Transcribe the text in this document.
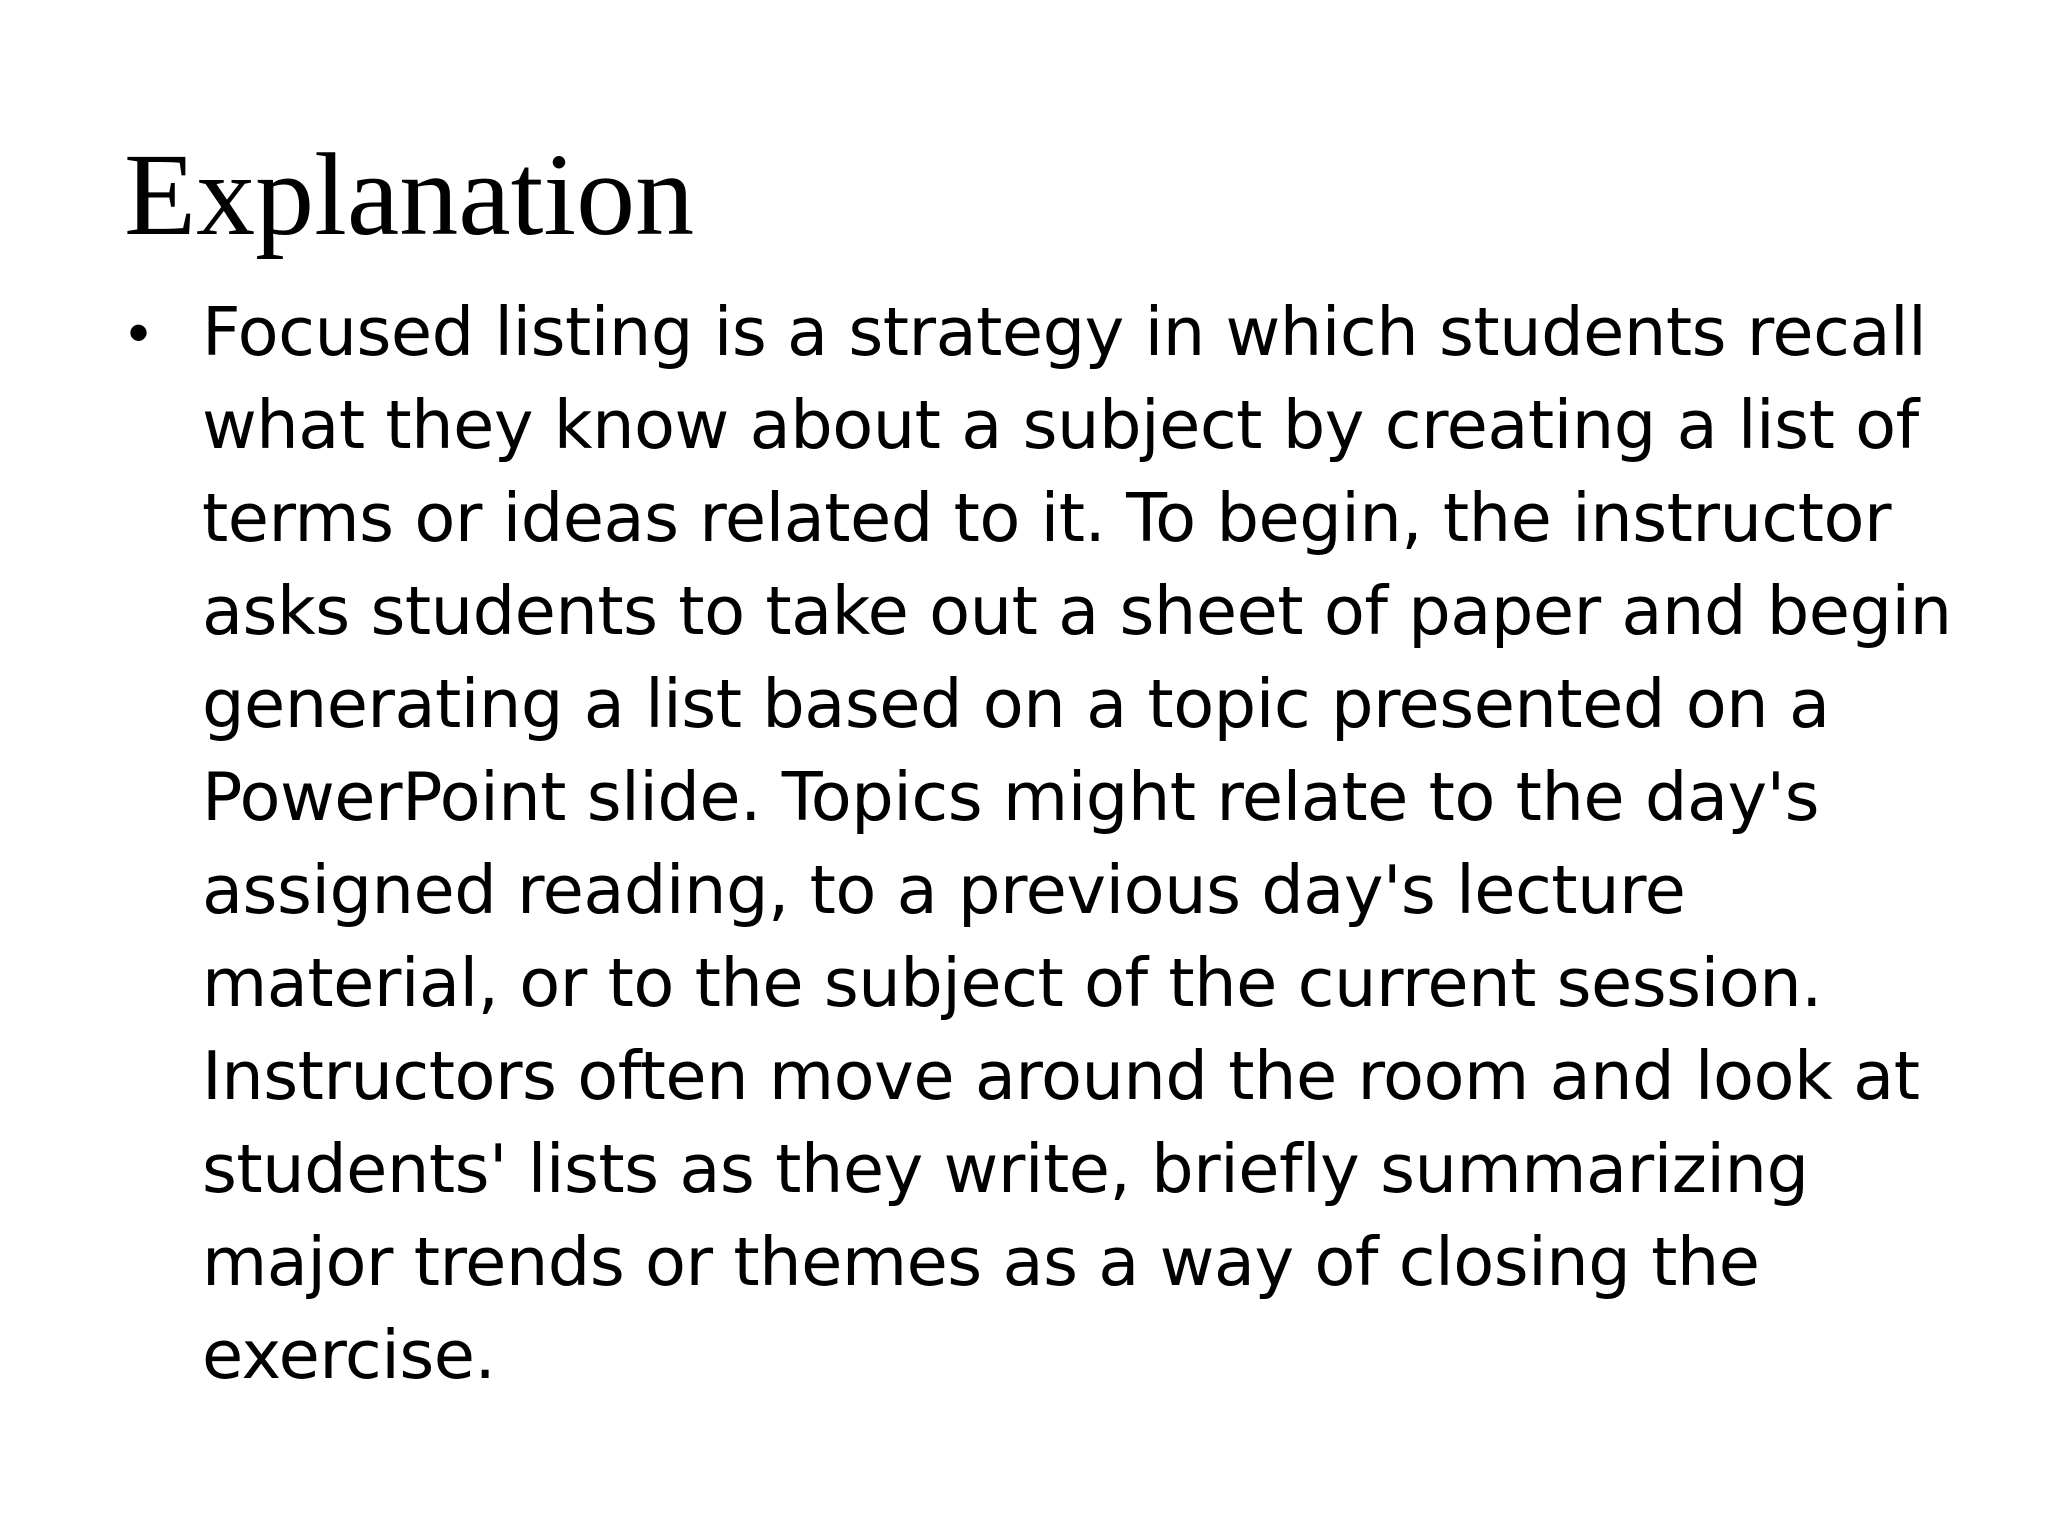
Explanation
• Focused listing is a strategy in which students recall what they know about a subject by creating a list of terms or ideas related to it. To begin, the instructor asks students to take out a sheet of paper and begin generating a list based on a topic presented on a PowerPoint slide. Topics might relate to the day's assigned reading, to a previous day's lecture material, or to the subject of the current session. Instructors often move around the room and look at students' lists as they write, briefly summarizing major trends or themes as a way of closing the exercise.
